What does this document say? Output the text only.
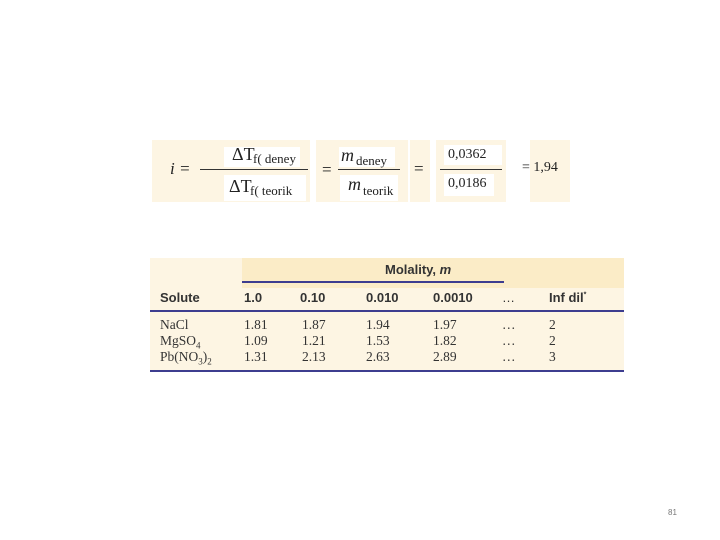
i =
ΔT
f( deney
ΔT
f( teorik
=
m deney
m teorik
=
0,0362
0,0186
= 1,94
Molality, m
Solute	1.0	0.10	0.010	0.0010 …	Inf dil*
NaCl	1.81	1.87	1.94	1.97	… 2
MgSO$_4$	1.09	1.21	1.53	1.82	… 2
$Pb(NO_3)_2$ 1.31	2.13	2.63	2.89	… 3
81
